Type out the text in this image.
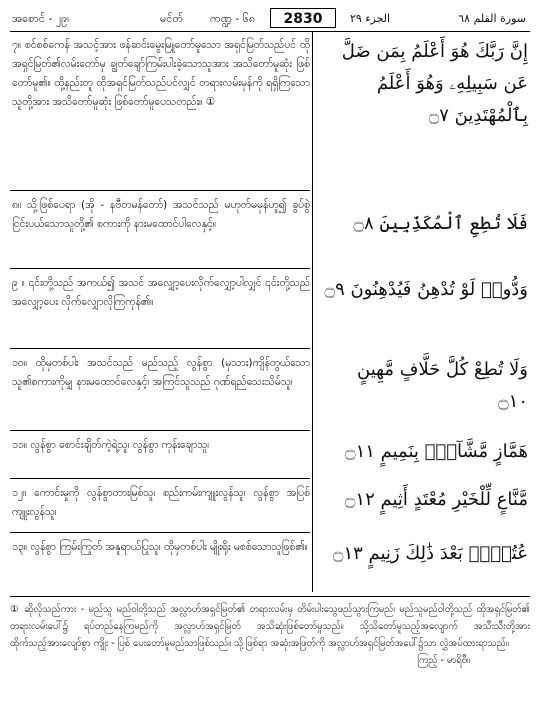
အစောင် - ၂၉၊	မင်တ် ကဏ္ဍ - ၆၈	2830	الجزء ٢٩	سورة القلم ٦٨
၇။ စင်စစ်ကေန် အသင့်အား ဖန်ဆင်းမွေးမြူတော်မူသော အရှင်မြတ်သည်ပင် ထိုအရှင်မြတ်၏လမ်းတော်မှ ချွတ်ချော်ကြမ်းပါးခဲ့သောသူအား အသိတော်မူဆုံး ဖြစ်တော်မူ၏။ ထို့နည်းတူ ထိုအရှင်မြတ်သည်ပင်လျှင် တရားလမ်းမှန်ကို ရရှိကြသောသူတို့အား အသိတော်မူဆုံး ဖြစ်တော်မူပေသတည်း။ ①
إِنَّ رَبَّكَ هُوَ أَعْلَمُ بِمَن ضَلَّ عَن سَبِيلِهِۦ وَهُوَ أَعْلَمُ بِٱلْمُهْتَدِينَ ۝٧
၈။ သို့ဖြစ်ပေရာ (အို - နဗီတမန်တော်) အသင်သည် မဟုတ်မမှန်ဟူ၍ ခွပ်စွဲငြင်းပယ်သောသူတို့၏ စကားကို နားမထောင်ပါလေနှင့်။	فَلَا تُطِعِ ٱلْمُكَذِّبِينَ ۝٨
၉ ။ ၎င်းတို့သည် အကယ်၍ အသင် အလျှော့ပေးလိုက်လျှော့ပါလျှင် ၎င်းတို့သည် အလျှော့ပေး လိုက်လျှောလိုကြကုန်၏။
وَدُّوا۟ لَوْ تُدْهِنُ فَيُدْهِنُونَ ۝٩
၁၀။ ထိုမှတစ်ပါး အသင်သည် မည်သည့် လွန်စွာ (မှသား)ကျိန်တွယ်သောသူ၏စကားကိုမျှ နားမထောင်လေနှင့်၊ အကြင်သူသည် ဂုဏ်ရည်သေးသိမ်သူ၊
وَلَا تُطِعْ كُلَّ حَلَّافٍ مَّهِينٍ ۝١٠
၁၁။ လွန်စွာ စောင်းချိတ်ကဲ့ရဲ့သူ၊ လွန်စွာ ကုန်းချောသူ၊	هَمَّازٍ مَّشَّآءٍۭ بِنَمِيمٍ ۝١١
၁၂။ ကောင်းမှုကို လွန်စွာတားမြစ်သူ၊ စည်းကမ်းကျူးလွန်သူ၊ လွန်စွာ အပြစ်ကျူးလွန်သူ၊
مَّنَّاعٍ لِّلْخَيْرِ مُعْتَدٍ أَثِيمٍ ۝١٢
၁၃။ လွန်စွာ ကြမ်းကြုတ် အနူရာယ်ပြုသူ၊ ထိုမှတစ်ပါး မျိုးရိုး မစစ်သောသူဖြစ်၏။	عُتُلٍّۭ بَعْدَ ذَٰلِكَ زَنِيمٍ ۝١٣
① ဆိုလိုသည်ကား - မည်သူ မည်ဝါတို့သည် အလ္လာဟ်အရှင်မြတ်၏ တရားလမ်းမှ တိမ်းပါးသွေဖည်သွားကြမည်၊ မည်သူမည်ဝါတို့သည် ထိုအရှင်မြတ်၏ တရားလမ်းပေါ်၌ ရပ်တည်နေကြမည်ကို အလ္လာဟ်အရှင်မြတ် အသိဆုံးဖြစ်တော်မူသည်။ သို့သိတော်မူသည့်အလျောက် အသီးသီးတို့အား ထိုက်သည့်အားလျော်စွာ ကျိုး - ပြစ် ပေးတော်မူမည်သာဖြစ်သည်။ သို့ဖြစ်ရာ အဆုံးအဖြတ်ကို အလ္လာဟ်အရှင်မြတ်အပေါ်၌သာ လွှဲအပ်ထားရာသည်။
ကြည့် - မာရိဗီ။
